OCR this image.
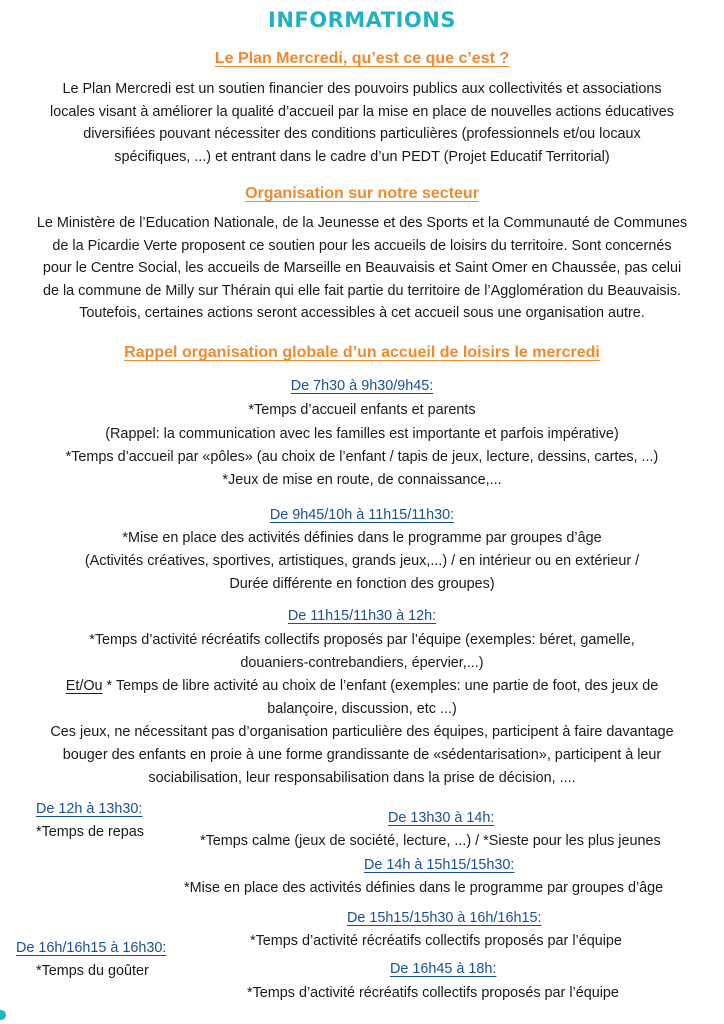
INFORMATIONS
Le Plan Mercredi, qu’est ce que c’est ?
Le Plan Mercredi est un soutien financier des pouvoirs publics aux collectivités et associations
locales visant à améliorer la qualité d’accueil par la mise en place de nouvelles actions éducatives
diversifiées pouvant nécessiter des conditions particulières (professionnels et/ou locaux
spécifiques, ...) et entrant dans le cadre d’un PEDT (Projet Educatif Territorial)
Organisation sur notre secteur
Le Ministère de l’Education Nationale, de la Jeunesse et des Sports et la Communauté de Communes
de la Picardie Verte proposent ce soutien pour les accueils de loisirs du territoire. Sont concernés
pour le Centre Social, les accueils de Marseille en Beauvaisis et Saint Omer en Chaussée, pas celui
de la commune de Milly sur Thérain qui elle fait partie du territoire de l’Agglomération du Beauvaisis.
Toutefois, certaines actions seront accessibles à cet accueil sous une organisation autre.
Rappel organisation globale d’un accueil de loisirs le mercredi
De 7h30 à 9h30/9h45:
*Temps d’accueil enfants et parents
(Rappel: la communication avec les familles est importante et parfois impérative)
*Temps d’accueil par «pôles» (au choix de l’enfant / tapis de jeux, lecture, dessins, cartes, ...)
*Jeux de mise en route, de connaissance,...
De 9h45/10h à 11h15/11h30:
*Mise en place des activités définies dans le programme par groupes d’âge
(Activités créatives, sportives, artistiques, grands jeux,...) / en intérieur ou en extérieur /
Durée différente en fonction des groupes)
De 11h15/11h30 à 12h:
*Temps d’activité récréatifs collectifs proposés par l’équipe (exemples: béret, gamelle,
douaniers-contrebandiers, épervier,...)
Et/Ou * Temps de libre activité au choix de l’enfant (exemples: une partie de foot, des jeux de
balançoire, discussion, etc ...)
Ces jeux, ne nécessitant pas d’organisation particulière des équipes, participent à faire davantage
bouger des enfants en proie à une forme grandissante de «sédentarisation», participent à leur
sociabilisation, leur responsabilisation dans la prise de décision, ....
De 12h à 13h30:
*Temps de repas
De 13h30 à 14h:
*Temps calme (jeux de société, lecture, ...) / *Sieste pour les plus jeunes
De 14h à 15h15/15h30:
*Mise en place des activités définies dans le programme par groupes d’âge
De 15h15/15h30 à 16h/16h15:
*Temps d’activité récréatifs collectifs proposés par l’équipe
De 16h/16h15 à 16h30:
*Temps du goûter	De 16h45 à 18h:
*Temps d’activité récréatifs collectifs proposés par l’équipe
